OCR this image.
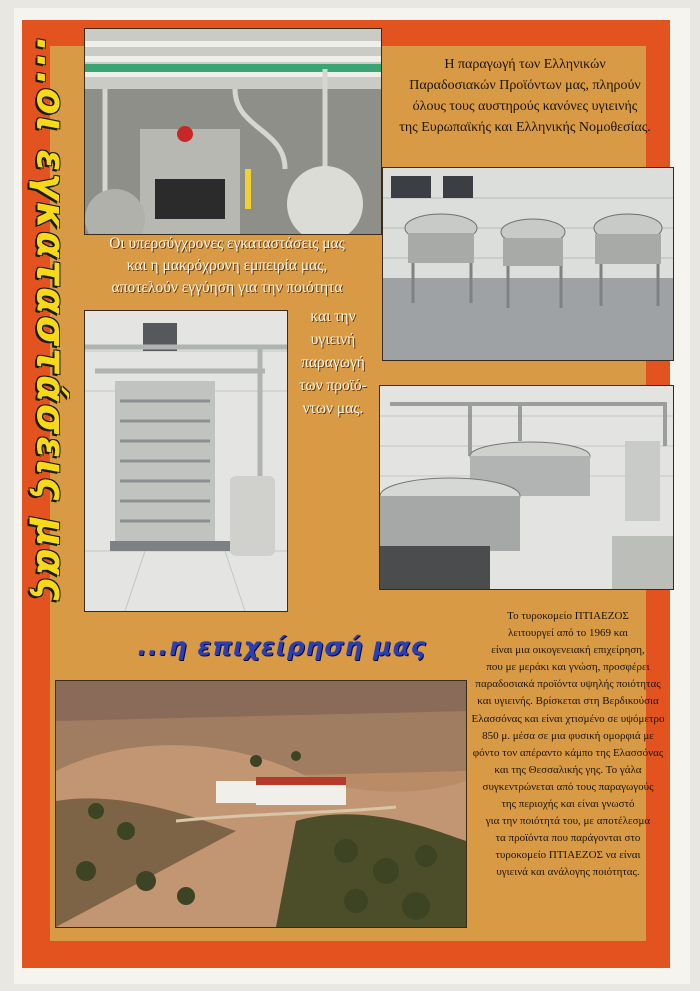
...οι εγκαταστάσεις μας	Η παραγωγή των Ελληνικών
Παραδοσιακών Προϊόντων μας, πληρούν
όλους τους αυστηρούς κανόνες υγιεινής
της Ευρωπαϊκής και Ελληνικής Νομοθεσίας.
Οι υπερσύγχρονες εγκαταστάσεις μας
και η μακρόχρονη εμπειρία μας,
αποτελούν εγγύηση για την ποιότητα
και την
υγιεινή
παραγωγή
των προϊό-
ντων μας.
...η επιχείρησή μας
Το τυροκομείο ΠΤΙΑΕΖΟΣ
λειτουργεί από το 1969 και
είναι μια οικογενειακή επιχείρηση,
που με μεράκι και γνώση, προσφέρει
παραδοσιακά προϊόντα υψηλής ποιότητας
και υγιεινής. Βρίσκεται στη Βερδικούσια
Ελασσόνας και είναι χτισμένο σε υψόμετρο
850 μ. μέσα σε μια φυσική ομορφιά με
φόντο τον απέραντο κάμπο της Ελασσόνας
και της Θεσσαλικής γης. Το γάλα
συγκεντρώνεται από τους παραγωγούς
της περιοχής και είναι γνωστό
για την ποιότητά του, με αποτέλεσμα
τα προϊόντα που παράγονται στο
τυροκομείο ΠΤΙΑΕΖΟΣ να είναι
υγιεινά και ανάλογης ποιότητας.
